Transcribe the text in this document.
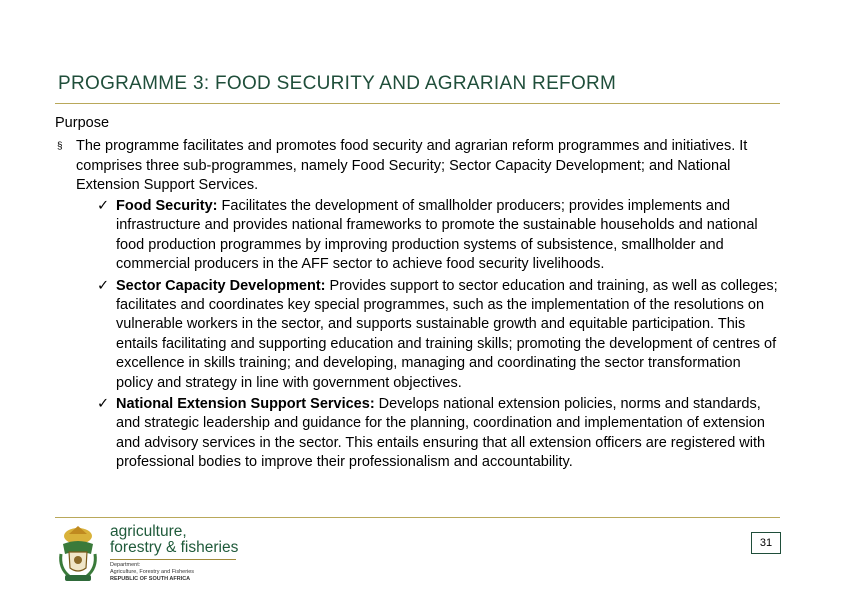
PROGRAMME 3: FOOD SECURITY AND AGRARIAN REFORM
Purpose
§ The programme facilitates and promotes food security and agrarian reform programmes and initiatives. It comprises three sub-programmes, namely Food Security; Sector Capacity Development; and National Extension Support Services.
✓ Food Security: Facilitates the development of smallholder producers; provides implements and infrastructure and provides national frameworks to promote the sustainable households and national food production programmes by improving production systems of subsistence, smallholder and commercial producers in the AFF sector to achieve food security livelihoods.
✓ Sector Capacity Development: Provides support to sector education and training, as well as colleges; facilitates and coordinates key special programmes, such as the implementation of the resolutions on vulnerable workers in the sector, and supports sustainable growth and equitable participation. This entails facilitating and supporting education and training skills; promoting the development of centres of excellence in skills training; and developing, managing and coordinating the sector transformation policy and strategy in line with government objectives.
✓ National Extension Support Services: Develops national extension policies, norms and standards, and strategic leadership and guidance for the planning, coordination and implementation of extension and advisory services in the sector. This entails ensuring that all extension officers are registered with professional bodies to improve their professionalism and accountability.
agriculture,
forestry & fisheries
Department:
Agriculture, Forestry and Fisheries
REPUBLIC OF SOUTH AFRICA
31
